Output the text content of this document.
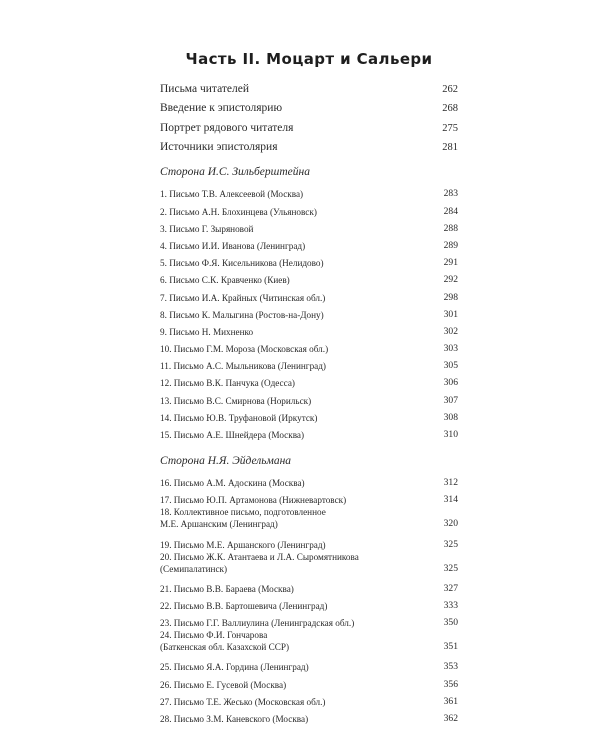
Часть II. Моцарт и Сальери
Письма читателей	262
Введение к эпистолярию	268
Портрет рядового читателя	275
Источники эпистолярия	281
Сторона И.С. Зильберштейна
1. Письмо Т.В. Алексеевой (Москва)	283
2. Письмо А.Н. Блохинцева (Ульяновск)	284
3. Письмо Г. Зыряновой	288
4. Письмо И.И. Иванова (Ленинград)	289
5. Письмо Ф.Я. Кисельникова (Нелидово)	291
6. Письмо С.К. Кравченко (Киев)	292
7. Письмо И.А. Крайных (Читинская обл.)	298
8. Письмо К. Малыгина (Ростов-на-Дону)	301
9. Письмо Н. Михненко	302
10. Письмо Г.М. Мороза (Московская обл.)	303
11. Письмо А.С. Мыльникова (Ленинград)	305
12. Письмо В.К. Панчука (Одесса)	306
13. Письмо В.С. Смирнова (Норильск)	307
14. Письмо Ю.В. Труфановой (Иркутск)	308
15. Письмо А.Е. Шнейдера (Москва)	310
Сторона Н.Я. Эйдельмана
16. Письмо А.М. Адоскина (Москва)	312
17. Письмо Ю.П. Артамонова (Нижневартовск)	314
18. Коллективное письмо, подготовленное
М.Е. Аршанским (Ленинград)	320
19. Письмо М.Е. Аршанского (Ленинград)	325
20. Письмо Ж.К. Атантаева и Л.А. Сыромятникова
(Семипалатинск)	325
21. Письмо В.В. Бараева (Москва)	327
22. Письмо В.В. Бартошевича (Ленинград)	333
23. Письмо Г.Г. Валлиулина (Ленинградская обл.)	350
24. Письмо Ф.И. Гончарова
(Баткенская обл. Казахской ССР)	351
25. Письмо Я.А. Гордина (Ленинград)	353
26. Письмо Е. Гусевой (Москва)	356
27. Письмо Т.Е. Жесько (Московская обл.)	361
28. Письмо З.М. Каневского (Москва)	362
